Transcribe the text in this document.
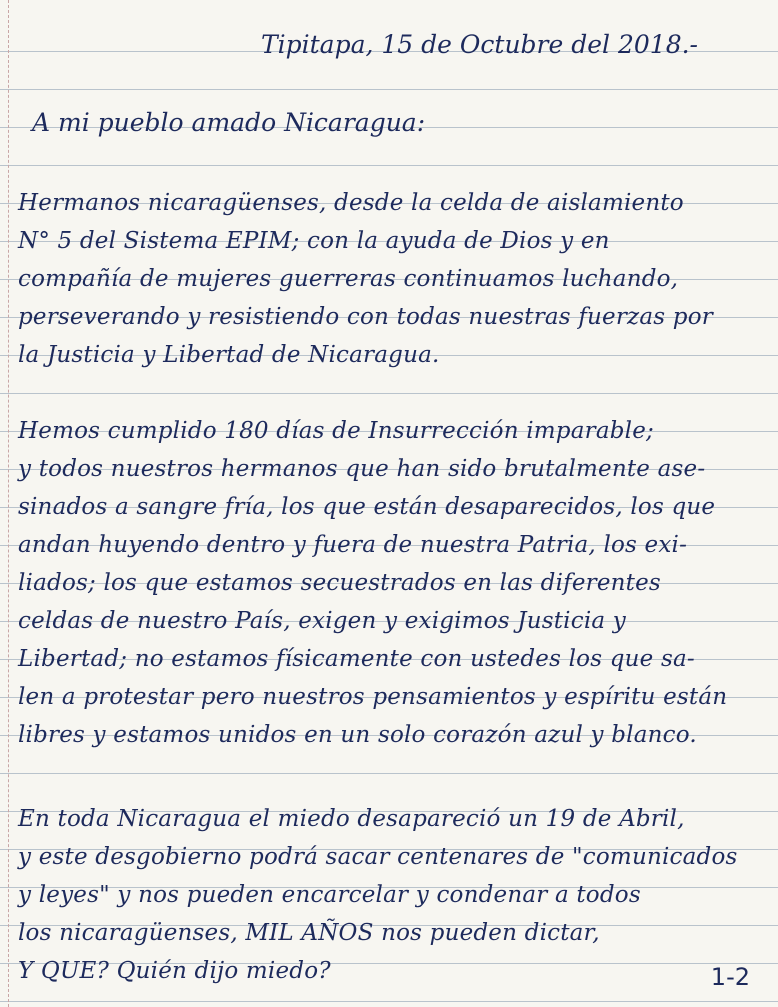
Tipitapa, 15 de Octubre del 2018.-
A mi pueblo amado Nicaragua:
Hermanos nicaragüenses, desde la celda de aislamiento
N° 5 del Sistema EPIM; con la ayuda de Dios y en
compañía de mujeres guerreras continuamos luchando,
perseverando y resistiendo con todas nuestras fuerzas por
la Justicia y Libertad de Nicaragua.
Hemos cumplido 180 días de Insurrección imparable;
y todos nuestros hermanos que han sido brutalmente ase-
sinados a sangre fría, los que están desaparecidos, los que
andan huyendo dentro y fuera de nuestra Patria, los exi-
liados; los que estamos secuestrados en las diferentes
celdas de nuestro País, exigen y exigimos Justicia y
Libertad; no estamos físicamente con ustedes los que sa-
len a protestar pero nuestros pensamientos y espíritu están
libres y estamos unidos en un solo corazón azul y blanco.
En toda Nicaragua el miedo desapareció un 19 de Abril,
y este desgobierno podrá sacar centenares de "comunicados
y leyes" y nos pueden encarcelar y condenar a todos
los nicaragüenses, MIL AÑOS nos pueden dictar,
Y QUE? Quién dijo miedo?	1-2
